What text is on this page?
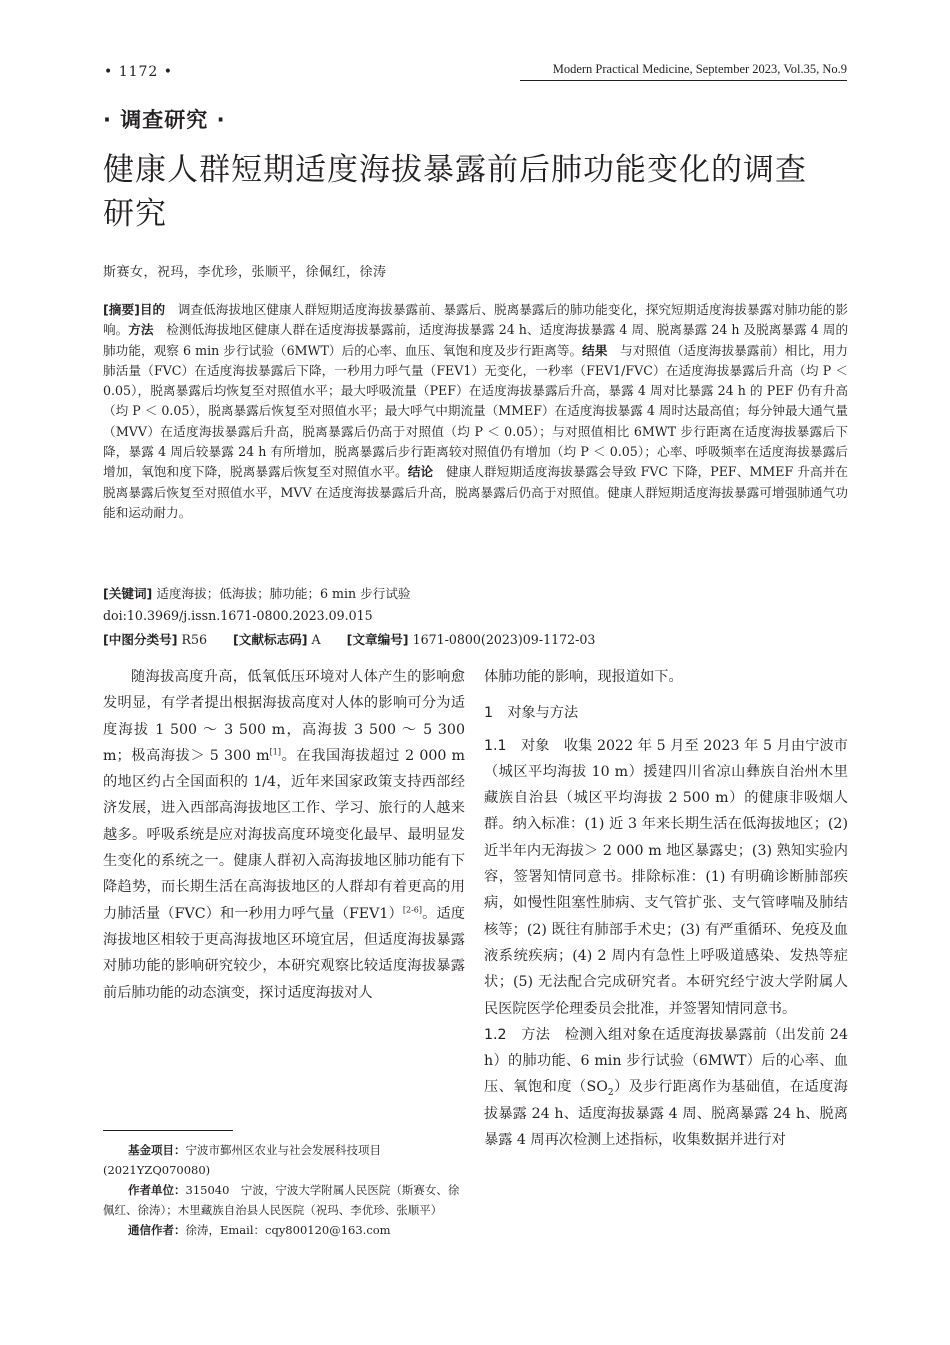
• 1172 •	Modern Practical Medicine, September 2023, Vol.35, No.9
· 调查研究 ·
健康人群短期适度海拔暴露前后肺功能变化的调查研究
斯赛女，祝玛，李优珍，张顺平，徐佩红，徐涛
[摘要]目的　 调查低海拔地区健康人群短期适度海拔暴露前、暴露后、脱离暴露后的肺功能变化，探究短期适度海拔暴露对肺功能的影响。方法　 检测低海拔地区健康人群在适度海拔暴露前，适度海拔暴露 24 h、适度海拔暴露 4 周、脱离暴露 24 h 及脱离暴露 4 周的肺功能，观察 6 min 步行试验（6MWT）后的心率、血压、氧饱和度及步行距离等。结果　 与对照值（适度海拔暴露前）相比，用力肺活量（FVC）在适度海拔暴露后下降，一秒用力呼气量（FEV1）无变化，一秒率（FEV1/FVC）在适度海拔暴露后升高（均 P ＜ 0.05），脱离暴露后均恢复至对照值水平；最大呼吸流量（PEF）在适度海拔暴露后升高，暴露 4 周对比暴露 24 h 的 PEF 仍有升高（均 P ＜ 0.05），脱离暴露后恢复至对照值水平；最大呼气中期流量（MMEF）在适度海拔暴露 4 周时达最高值；每分钟最大通气量（MVV）在适度海拔暴露后升高，脱离暴露后仍高于对照值（均 P ＜ 0.05）；与对照值相比 6MWT 步行距离在适度海拔暴露后下降，暴露 4 周后较暴露 24 h 有所增加，脱离暴露后步行距离较对照值仍有增加（均 P ＜ 0.05）；心率、呼吸频率在适度海拔暴露后增加，氧饱和度下降，脱离暴露后恢复至对照值水平。结论　 健康人群短期适度海拔暴露会导致 FVC 下降，PEF、MMEF 升高并在脱离暴露后恢复至对照值水平，MVV 在适度海拔暴露后升高，脱离暴露后仍高于对照值。健康人群短期适度海拔暴露可增强肺通气功能和运动耐力。
[关键词] 适度海拔；低海拔；肺功能；6 min 步行试验
doi:10.3969/j.issn.1671-0800.2023.09.015
[中图分类号] R56 [文献标志码] A [文章编号] 1671-0800(2023)09-1172-03

随海拔高度升高，低氧低压环境对人体产生的影响愈发明显，有学者提出根据海拔高度对人体的影响可分为适度海拔 1 500 ～ 3 500 m，高海拔 3 500 ～ 5 300 m；极高海拔＞ 5 300 m[1]。在我国海拔超过 2 000 m 的地区约占全国面积的 1/4，近年来国家政策支持西部经济发展，进入西部高海拔地区工作、学习、旅行的人越来越多。呼吸系统是应对海拔高度环境变化最早、最明显发生变化的系统之一。健康人群初入高海拔地区肺功能有下降趋势，而长期生活在高海拔地区的人群却有着更高的用力肺活量（FVC）和一秒用力呼气量（FEV1）[2-6]。适度海拔地区相较于更高海拔地区环境宜居，但适度海拔暴露对肺功能的影响研究较少，本研究观察比较适度海拔暴露前后肺功能的动态演变，探讨适度海拔对人

体肺功能的影响，现报道如下。

1　对象与方法

1.1　对象　 收集 2022 年 5 月至 2023 年 5 月由宁波市（城区平均海拔 10 m）援建四川省凉山彝族自治州木里藏族自治县（城区平均海拔 2 500 m）的健康非吸烟人群。纳入标准：(1) 近 3 年来长期生活在低海拔地区；(2) 近半年内无海拔＞ 2 000 m 地区暴露史；(3) 熟知实验内容，签署知情同意书。排除标准：(1) 有明确诊断肺部疾病，如慢性阻塞性肺病、支气管扩张、支气管哮喘及肺结核等；(2) 既往有肺部手术史；(3) 有严重循环、免疫及血液系统疾病；(4) 2 周内有急性上呼吸道感染、发热等症状；(5) 无法配合完成研究者。本研究经宁波大学附属人民医院医学伦理委员会批准，并签署知情同意书。

1.2　方法　 检测入组对象在适度海拔暴露前（出发前 24 h）的肺功能、6 min 步行试验（6MWT）后的心率、血压、氧饱和度$(SO_2)$及步行距离作为基础值，在适度海拔暴露 24 h、适度海拔暴露 4 周、脱离暴露 24 h、脱离暴露 4 周再次检测上述指标，收集数据并进行对

基金项目：宁波市鄞州区农业与社会发展科技项目(2021YZQ070080)
作者单位：315040　宁波，宁波大学附属人民医院（斯赛女、徐佩红、徐涛）；木里藏族自治县人民医院（祝玛、李优珍、张顺平）
通信作者：徐涛，Email：cqy800120@163.com
